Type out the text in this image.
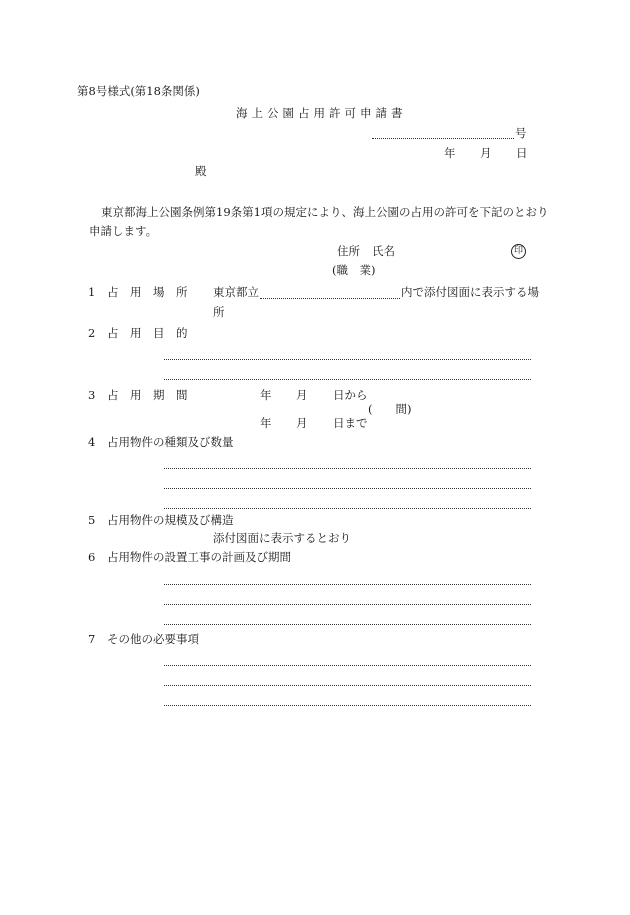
第8号様式(第18条関係)
海上公園占用許可申請書
号
年 月 日
殿
東京都海上公園条例第19条第1項の規定により、海上公園の占用の許可を下記のとおり
申請します。
住所 氏名	印
(職　業)
1 占　用　場　所 東京都立	内で添付図面に表示する場
所
2 占　用　目　的
3 占　用　期　間	年 月 日から
(　　間)
年 月 日まで
4 占用物件の種類及び数量
5 占用物件の規模及び構造
添付図面に表示するとおり
6 占用物件の設置工事の計画及び期間
7 その他の必要事項
